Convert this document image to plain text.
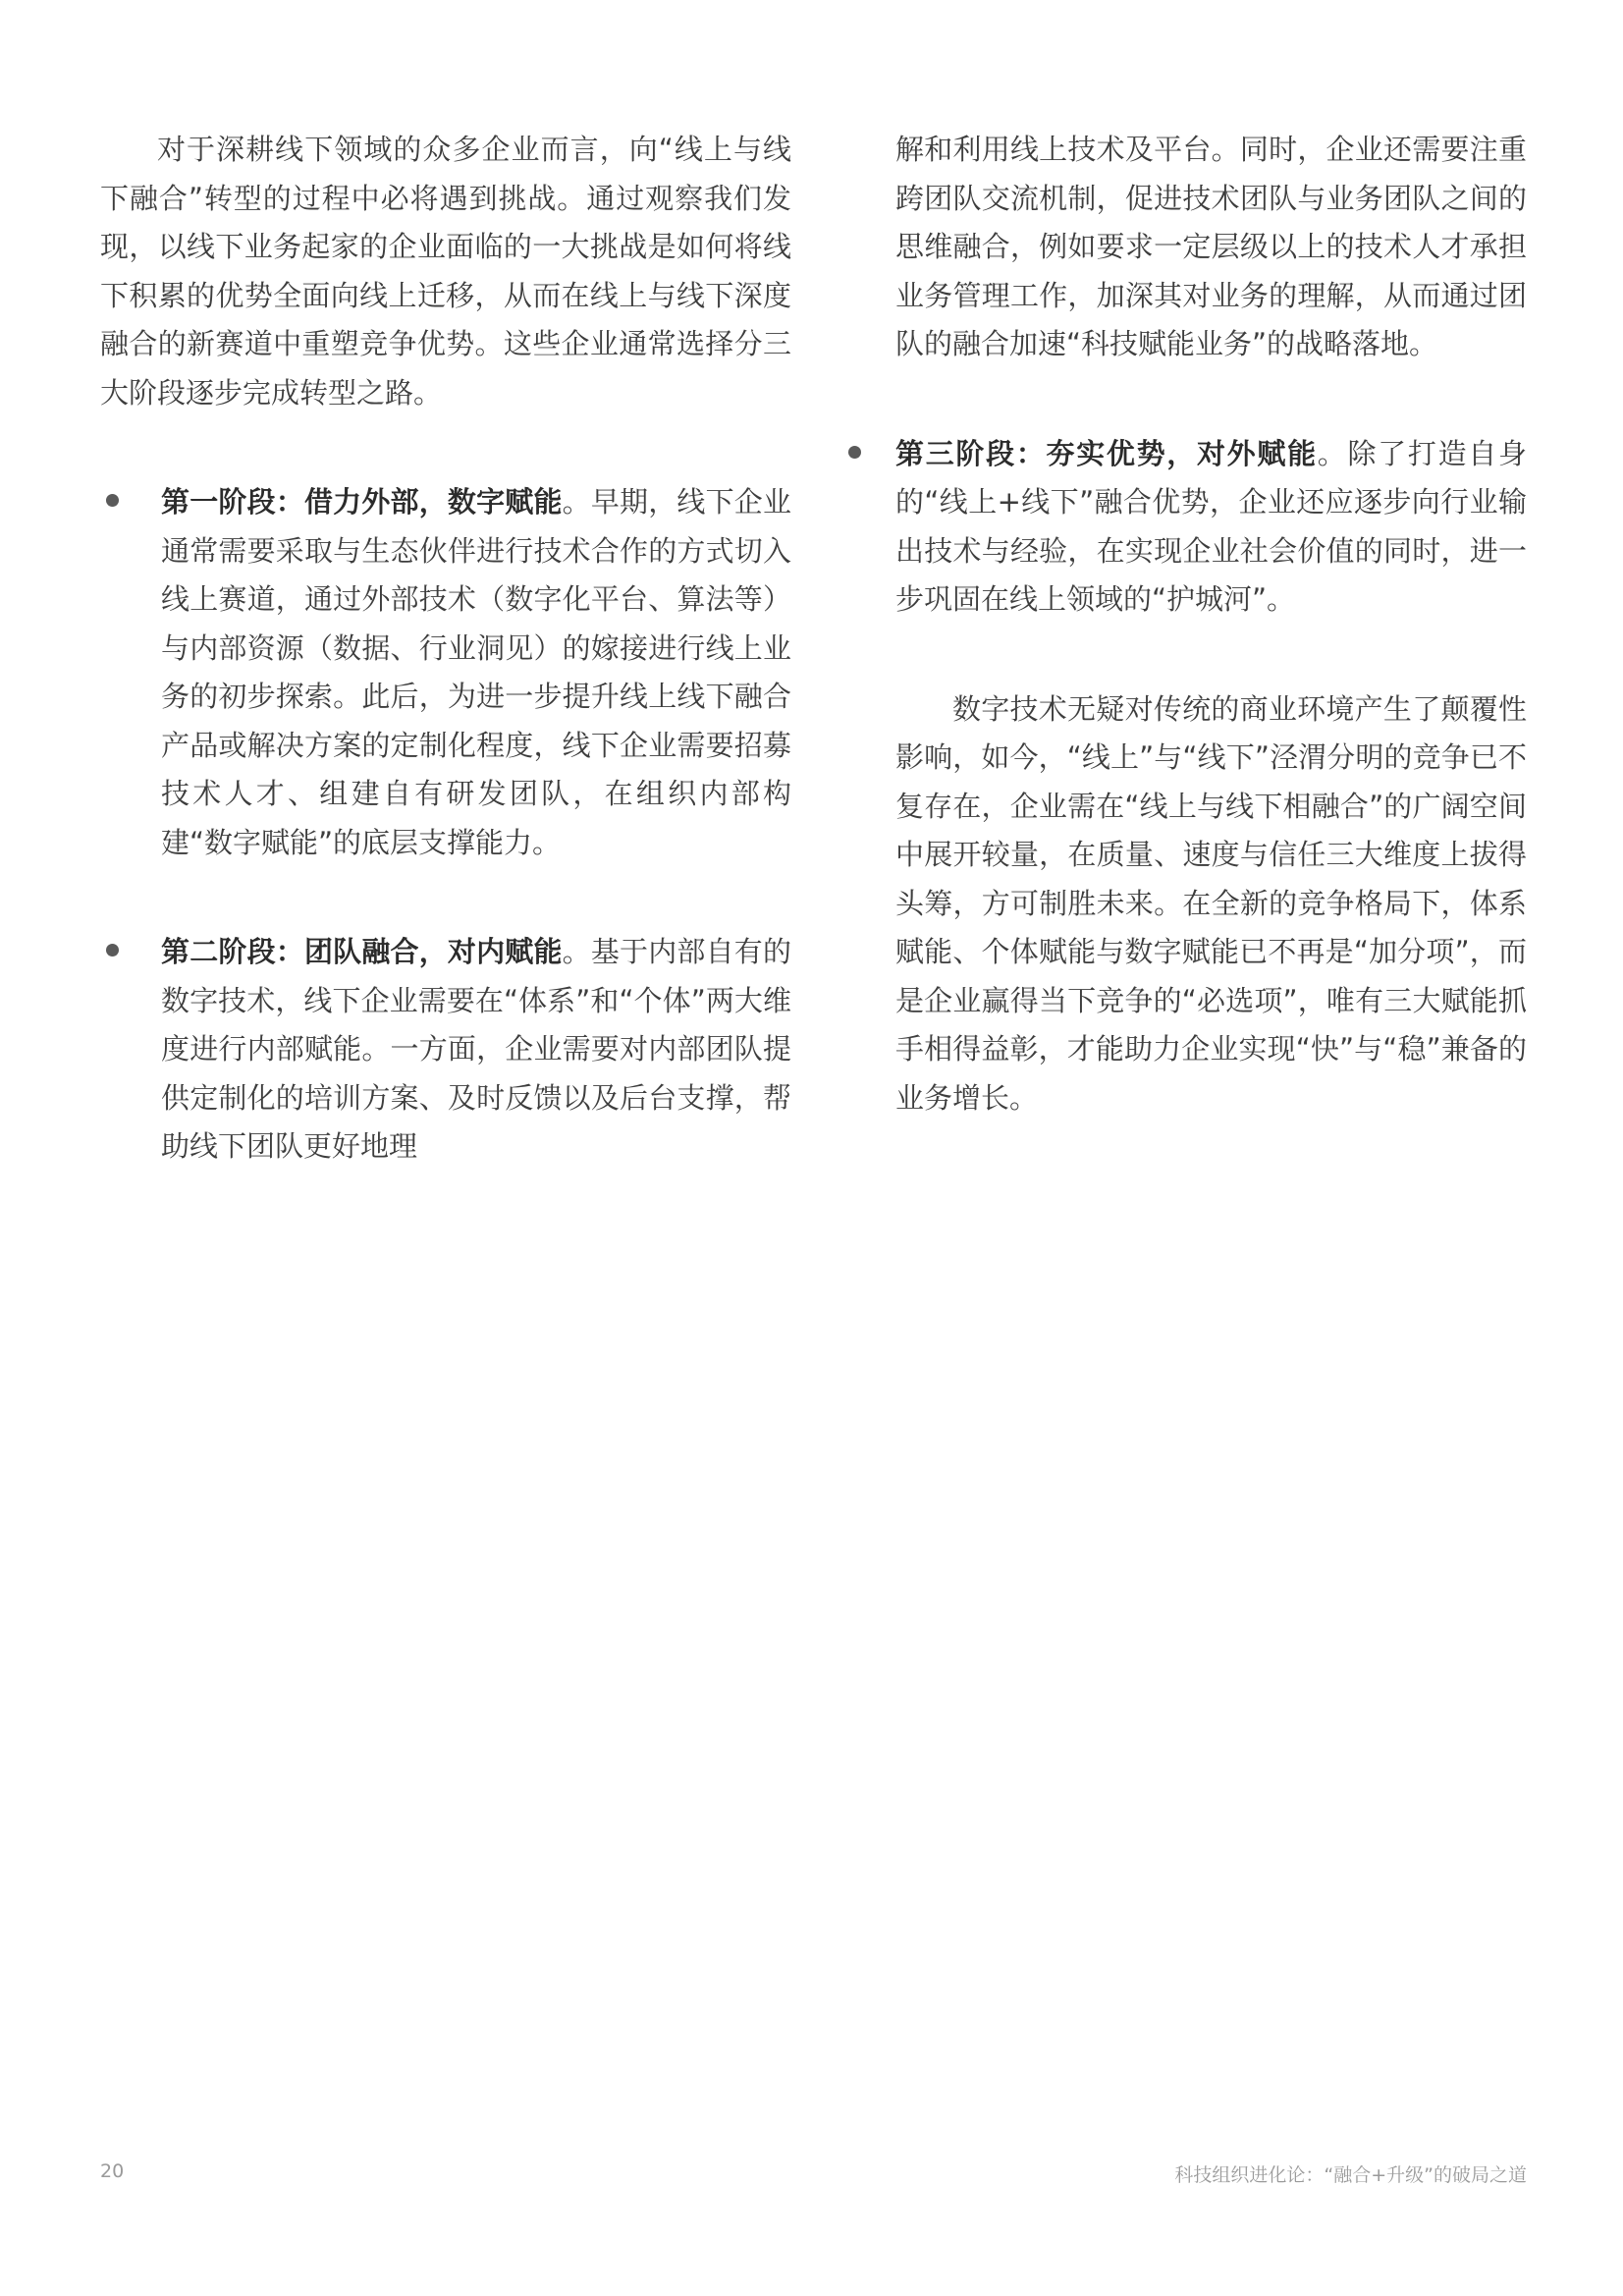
对于深耕线下领域的众多企业而言，向“线上与线下融合”转型的过程中必将遇到挑战。通过观察我们发现，以线下业务起家的企业面临的一大挑战是如何将线下积累的优势全面向线上迁移，从而在线上与线下深度融合的新赛道中重塑竞争优势。这些企业通常选择分三大阶段逐步完成转型之路。

第一阶段：借力外部，数字赋能。早期，线下企业通常需要采取与生态伙伴进行技术合作的方式切入线上赛道，通过外部技术（数字化平台、算法等）与内部资源（数据、行业洞见）的嫁接进行线上业务的初步探索。此后，为进一步提升线上线下融合产品或解决方案的定制化程度，线下企业需要招募技术人才、组建自有研发团队，在组织内部构建“数字赋能”的底层支撑能力。

第二阶段：团队融合，对内赋能。基于内部自有的数字技术，线下企业需要在“体系”和“个体”两大维度进行内部赋能。一方面，企业需要对内部团队提供定制化的培训方案、及时反馈以及后台支撑，帮助线下团队更好地理

解和利用线上技术及平台。同时，企业还需要注重跨团队交流机制，促进技术团队与业务团队之间的思维融合，例如要求一定层级以上的技术人才承担业务管理工作，加深其对业务的理解，从而通过团队的融合加速“科技赋能业务”的战略落地。

第三阶段：夯实优势，对外赋能。除了打造自身的“线上+线下”融合优势，企业还应逐步向行业输出技术与经验，在实现企业社会价值的同时，进一步巩固在线上领域的“护城河”。

数字技术无疑对传统的商业环境产生了颠覆性影响，如今，“线上”与“线下”泾渭分明的竞争已不复存在，企业需在“线上与线下相融合”的广阔空间中展开较量，在质量、速度与信任三大维度上拔得头筹，方可制胜未来。在全新的竞争格局下，体系赋能、个体赋能与数字赋能已不再是“加分项”，而是企业赢得当下竞争的“必选项”，唯有三大赋能抓手相得益彰，才能助力企业实现“快”与“稳”兼备的业务增长。

20	科技组织进化论：“融合+升级”的破局之道
